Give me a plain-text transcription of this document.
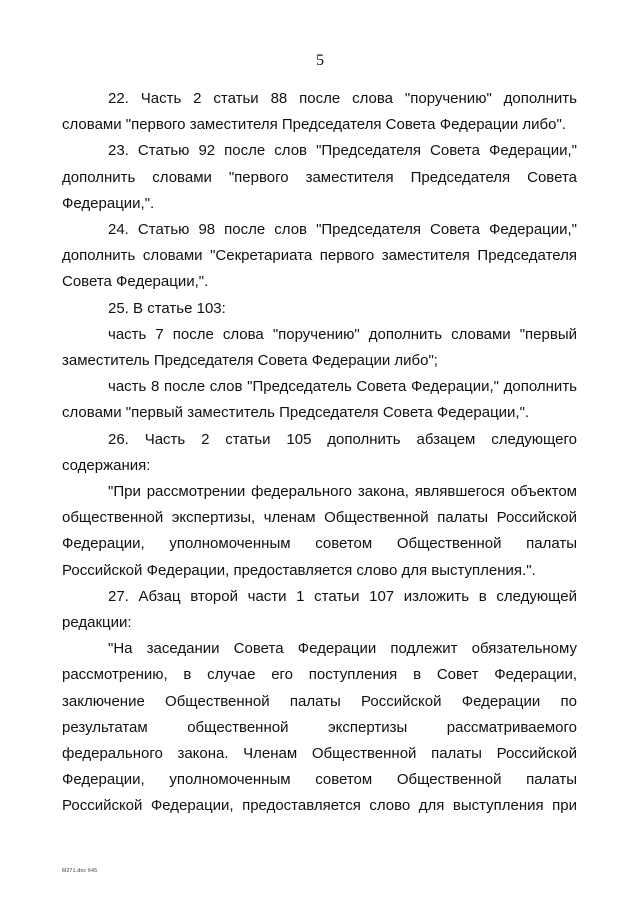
5
22. Часть 2 статьи 88 после слова "поручению" дополнить
словами "первого заместителя Председателя Совета Федерации либо".
23. Статью 92 после слов "Председателя Совета Федерации,"
дополнить словами "первого заместителя Председателя Совета
Федерации,".
24. Статью 98 после слов "Председателя Совета Федерации,"
дополнить словами "Секретариата первого заместителя Председателя
Совета Федерации,".
25. В статье 103:
часть 7 после слова "поручению" дополнить словами "первый
заместитель Председателя Совета Федерации либо";
часть 8 после слов "Председатель Совета Федерации," дополнить
словами "первый заместитель Председателя Совета Федерации,".
26. Часть 2 статьи 105 дополнить абзацем следующего
содержания:
"При рассмотрении федерального закона, являвшегося объектом
общественной экспертизы, членам Общественной палаты Российской
Федерации, уполномоченным советом Общественной палаты
Российской Федерации, предоставляется слово для выступления.".
27. Абзац второй части 1 статьи 107 изложить в следующей
редакции:
"На заседании Совета Федерации подлежит обязательному
рассмотрению, в случае его поступления в Совет Федерации,
заключение Общественной палаты Российской Федерации по
результатам общественной экспертизы рассматриваемого
федерального закона. Членам Общественной палаты Российской
Федерации, уполномоченным советом Общественной палаты
Российской Федерации, предоставляется слово для выступления при
M271.doc 645
